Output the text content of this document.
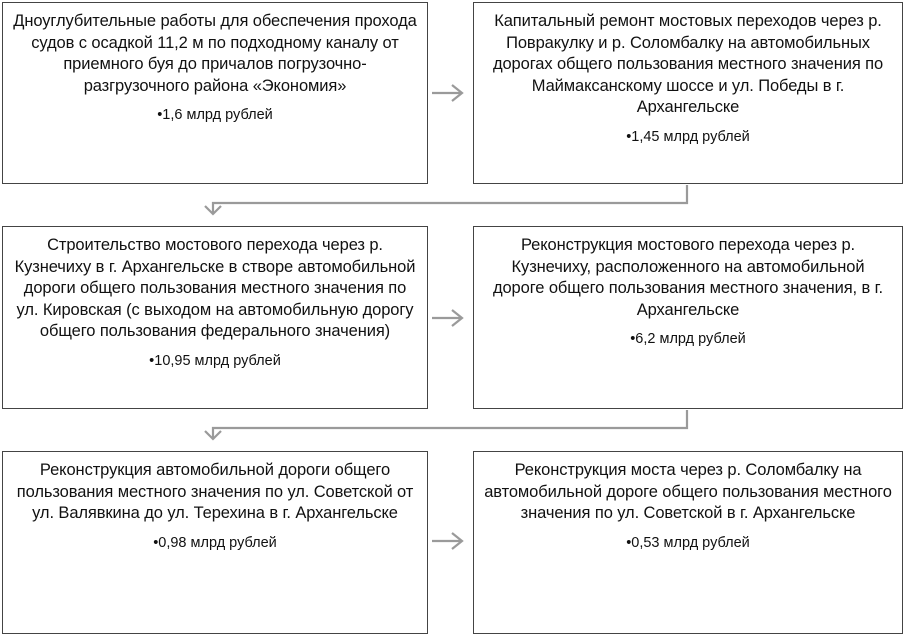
Дноуглубительные работы для обеспечения прохода судов с осадкой 11,2 м по подходному каналу от приемного буя до причалов погрузочно-разгрузочного района «Экономия»
•1,6 млрд рублей
Капитальный ремонт мостовых переходов через р. Повракулку и р. Соломбалку на автомобильных дорогах общего пользования местного значения по Маймаксанскому шоссе и ул. Победы в г. Архангельске
•1,45 млрд рублей
Строительство мостового перехода через р. Кузнечиху в г. Архангельске в створе автомобильной дороги общего пользования местного значения по ул. Кировская (с выходом на автомобильную дорогу общего пользования федерального значения)
•10,95 млрд рублей
Реконструкция мостового перехода через р. Кузнечиху, расположенного на автомобильной дороге общего пользования местного значения, в г. Архангельске
•6,2 млрд рублей
Реконструкция автомобильной дороги общего пользования местного значения по ул. Советской от ул. Валявкина до ул. Терехина в г. Архангельске
•0,98 млрд рублей
Реконструкция моста через р. Соломбалку на автомобильной дороге общего пользования местного значения по ул. Советской в г. Архангельске
•0,53 млрд рублей
